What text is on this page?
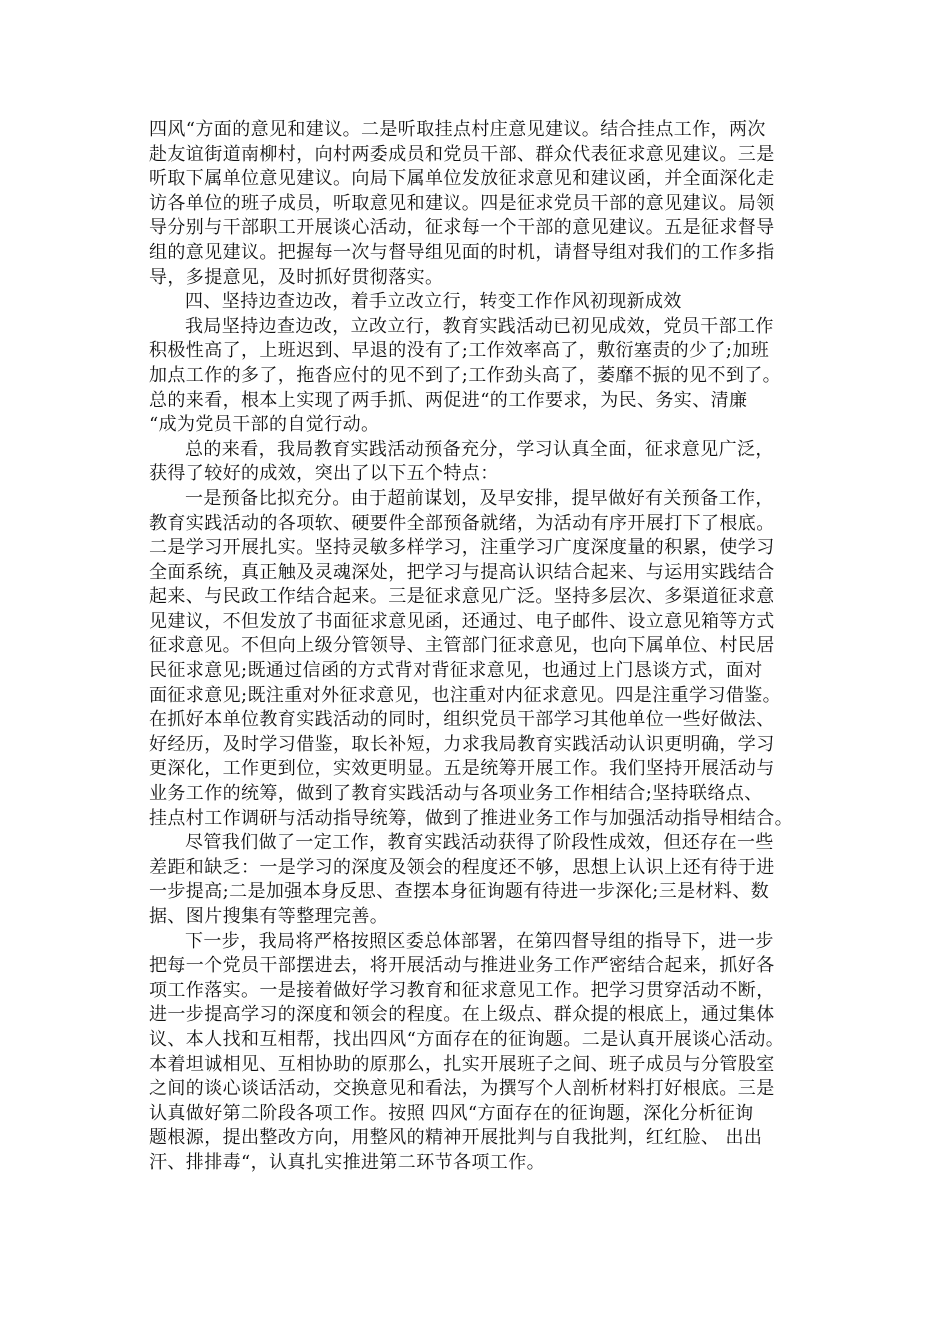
四风“方面的意见和建议。二是听取挂点村庄意见建议。结合挂点工作，两次
赴友谊街道南柳村，向村两委成员和党员干部、群众代表征求意见建议。三是
听取下属单位意见建议。向局下属单位发放征求意见和建议函，并全面深化走
访各单位的班子成员，听取意见和建议。四是征求党员干部的意见建议。局领
导分别与干部职工开展谈心活动，征求每一个干部的意见建议。五是征求督导
组的意见建议。把握每一次与督导组见面的时机，请督导组对我们的工作多指
导，多提意见，及时抓好贯彻落实。
四、坚持边查边改，着手立改立行，转变工作作风初现新成效
我局坚持边查边改，立改立行，教育实践活动已初见成效，党员干部工作
积极性高了，上班迟到、早退的没有了;工作效率高了，敷衍塞责的少了;加班
加点工作的多了，拖沓应付的见不到了;工作劲头高了，萎靡不振的见不到了。
总的来看，根本上实现了两手抓、两促进“的工作要求，为民、务实、清廉
“成为党员干部的自觉行动。
总的来看，我局教育实践活动预备充分，学习认真全面，征求意见广泛，
获得了较好的成效，突出了以下五个特点：
一是预备比拟充分。由于超前谋划，及早安排，提早做好有关预备工作，
教育实践活动的各项软、硬要件全部预备就绪，为活动有序开展打下了根底。
二是学习开展扎实。坚持灵敏多样学习，注重学习广度深度量的积累，使学习
全面系统，真正触及灵魂深处，把学习与提高认识结合起来、与运用实践结合
起来、与民政工作结合起来。三是征求意见广泛。坚持多层次、多渠道征求意
见建议，不但发放了书面征求意见函，还通过、电子邮件、设立意见箱等方式
征求意见。不但向上级分管领导、主管部门征求意见，也向下属单位、村民居
民征求意见;既通过信函的方式背对背征求意见，也通过上门恳谈方式，面对
面征求意见;既注重对外征求意见，也注重对内征求意见。四是注重学习借鉴。
在抓好本单位教育实践活动的同时，组织党员干部学习其他单位一些好做法、
好经历，及时学习借鉴，取长补短，力求我局教育实践活动认识更明确，学习
更深化，工作更到位，实效更明显。五是统筹开展工作。我们坚持开展活动与
业务工作的统筹，做到了教育实践活动与各项业务工作相结合;坚持联络点、
挂点村工作调研与活动指导统筹，做到了推进业务工作与加强活动指导相结合。
尽管我们做了一定工作，教育实践活动获得了阶段性成效，但还存在一些
差距和缺乏：一是学习的深度及领会的程度还不够，思想上认识上还有待于进
一步提高;二是加强本身反思、查摆本身征询题有待进一步深化;三是材料、数
据、图片搜集有等整理完善。
下一步，我局将严格按照区委总体部署，在第四督导组的指导下，进一步
把每一个党员干部摆进去，将开展活动与推进业务工作严密结合起来，抓好各
项工作落实。一是接着做好学习教育和征求意见工作。把学习贯穿活动不断，
进一步提高学习的深度和领会的程度。在上级点、群众提的根底上，通过集体
议、本人找和互相帮，找出四风“方面存在的征询题。二是认真开展谈心活动。
本着坦诚相见、互相协助的原那么，扎实开展班子之间、班子成员与分管股室
之间的谈心谈话活动，交换意见和看法，为撰写个人剖析材料打好根底。三是
认真做好第二阶段各项工作。按照 四风“方面存在的征询题，深化分析征询
题根源，提出整改方向，用整风的精神开展批判与自我批判，红红脸、 出出
汗、排排毒“，认真扎实推进第二环节各项工作。
